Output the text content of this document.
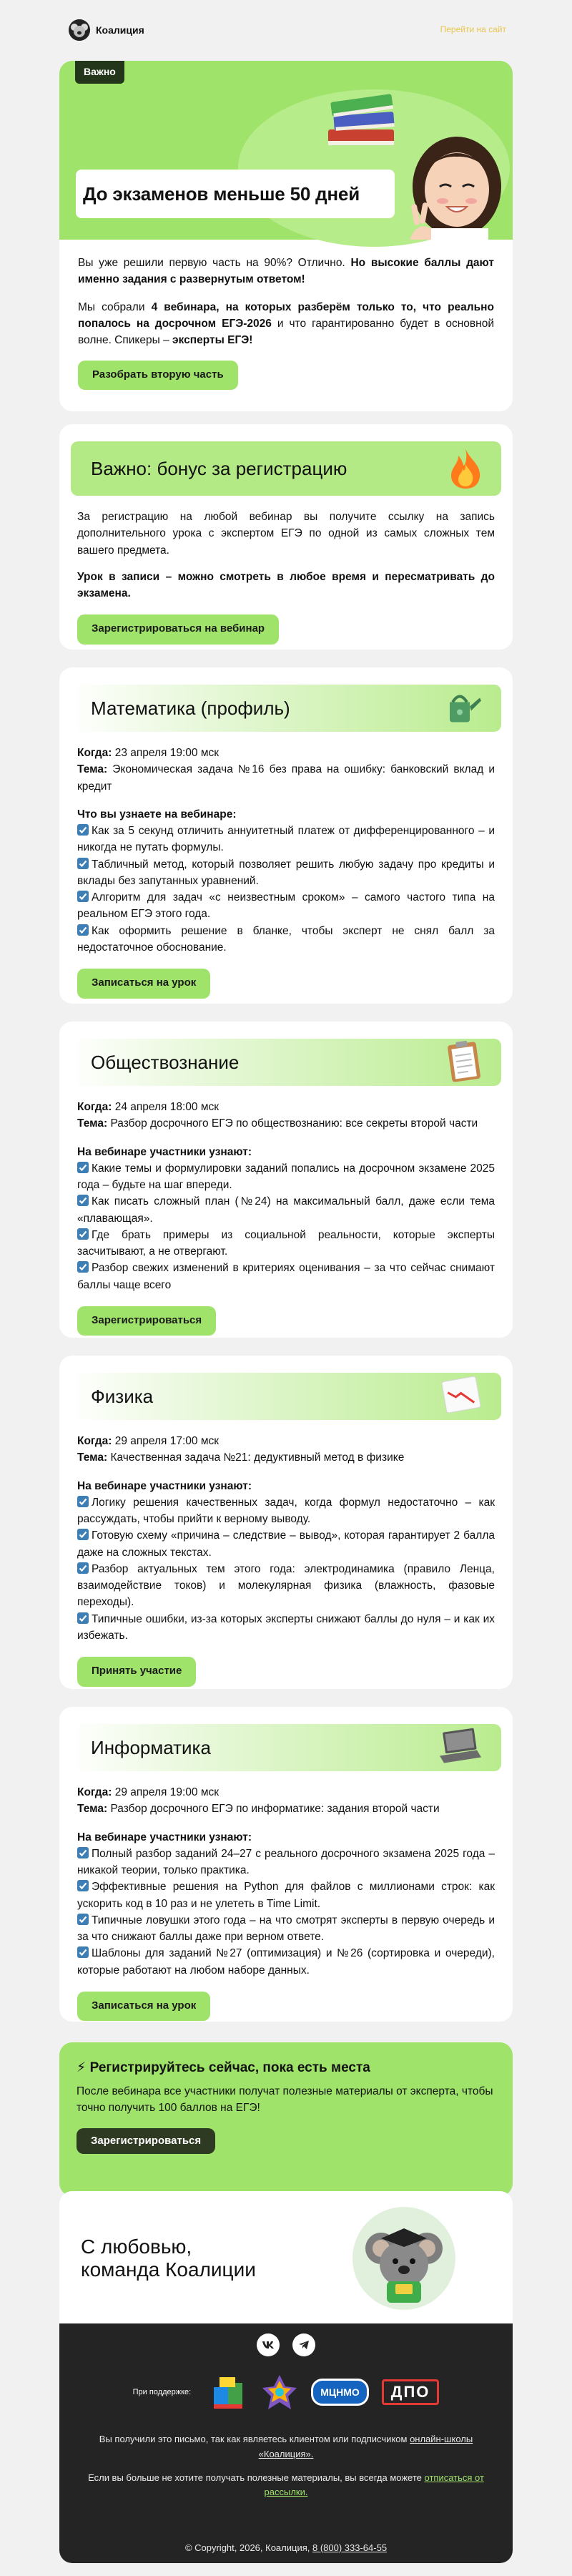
Коалиция	Перейти на сайт
Важно
До экзаменов меньше 50 дней

Вы уже решили первую часть на 90%? Отлично. Но высокие баллы дают именно задания с развернутым ответом!

Мы собрали 4 вебинара, на которых разберём только то, что реально попалось на досрочном ЕГЭ-2026 и что гарантированно будет в основной волне. Спикеры – эксперты ЕГЭ!

Разобрать вторую часть
Важно: бонус за регистрацию

За регистрацию на любой вебинар вы получите ссылку на запись дополнительного урока с экспертом ЕГЭ по одной из самых сложных тем вашего предмета.

Урок в записи – можно смотреть в любое время и пересматривать до экзамена.

Зарегистрироваться на вебинар
Математика (профиль)

Когда: 23 апреля 19:00 мск

Тема: Экономическая задача №16 без права на ошибку: банковский вклад и кредит

Что вы узнаете на вебинаре:

Как за 5 секунд отличить аннуитетный платеж от дифференцированного – и никогда не путать формулы.

Табличный метод, который позволяет решить любую задачу про кредиты и вклады без запутанных уравнений.

Алгоритм для задач «с неизвестным сроком» – самого частого типа на реальном ЕГЭ этого года.

Как оформить решение в бланке, чтобы эксперт не снял балл за недостаточное обоснование.

Записаться на урок
Обществознание

Когда: 24 апреля 18:00 мск

Тема: Разбор досрочного ЕГЭ по обществознанию: все секреты второй части

На вебинаре участники узнают:

Какие темы и формулировки заданий попались на досрочном экзамене 2025 года – будьте на шаг впереди.

Как писать сложный план (№24) на максимальный балл, даже если тема «плавающая».

Где брать примеры из социальной реальности, которые эксперты засчитывают, а не отвергают.

Разбор свежих изменений в критериях оценивания – за что сейчас снимают баллы чаще всего

Зарегистрироваться
Физика

Когда: 29 апреля 17:00 мск

Тема: Качественная задача №21: дедуктивный метод в физике

На вебинаре участники узнают:

Логику решения качественных задач, когда формул недостаточно – как рассуждать, чтобы прийти к верному выводу.

Готовую схему «причина – следствие – вывод», которая гарантирует 2 балла даже на сложных текстах.

Разбор актуальных тем этого года: электродинамика (правило Ленца, взаимодействие токов) и молекулярная физика (влажность, фазовые переходы).

Типичные ошибки, из-за которых эксперты снижают баллы до нуля – и как их избежать.

Принять участие
Информатика

Когда: 29 апреля 19:00 мск

Тема: Разбор досрочного ЕГЭ по информатике: задания второй части

На вебинаре участники узнают:

Полный разбор заданий 24–27 с реального досрочного экзамена 2025 года – никакой теории, только практика.

Эффективные решения на Python для файлов с миллионами строк: как ускорить код в 10 раз и не улететь в Time Limit.

Типичные ловушки этого года – на что смотрят эксперты в первую очередь и за что снижают баллы даже при верном ответе.

Шаблоны для заданий №27 (оптимизация) и №26 (сортировка и очереди), которые работают на любом наборе данных.

Записаться на урок
⚡ Регистрируйтесь сейчас, пока есть места
После вебинара все участники получат полезные материалы от эксперта, чтобы точно получить 100 баллов на ЕГЭ!
Зарегистрироваться
С любовью,
команда Коалиции
При поддержке:	МЦНМО	ДПО
Вы получили это письмо, так как являетесь клиентом или подписчиком онлайн-школы «Коалиция».
Если вы больше не хотите получать полезные материалы, вы всегда можете отписаться от рассылки.
© Copyright, 2026, Коалиция, 8 (800) 333-64-55
